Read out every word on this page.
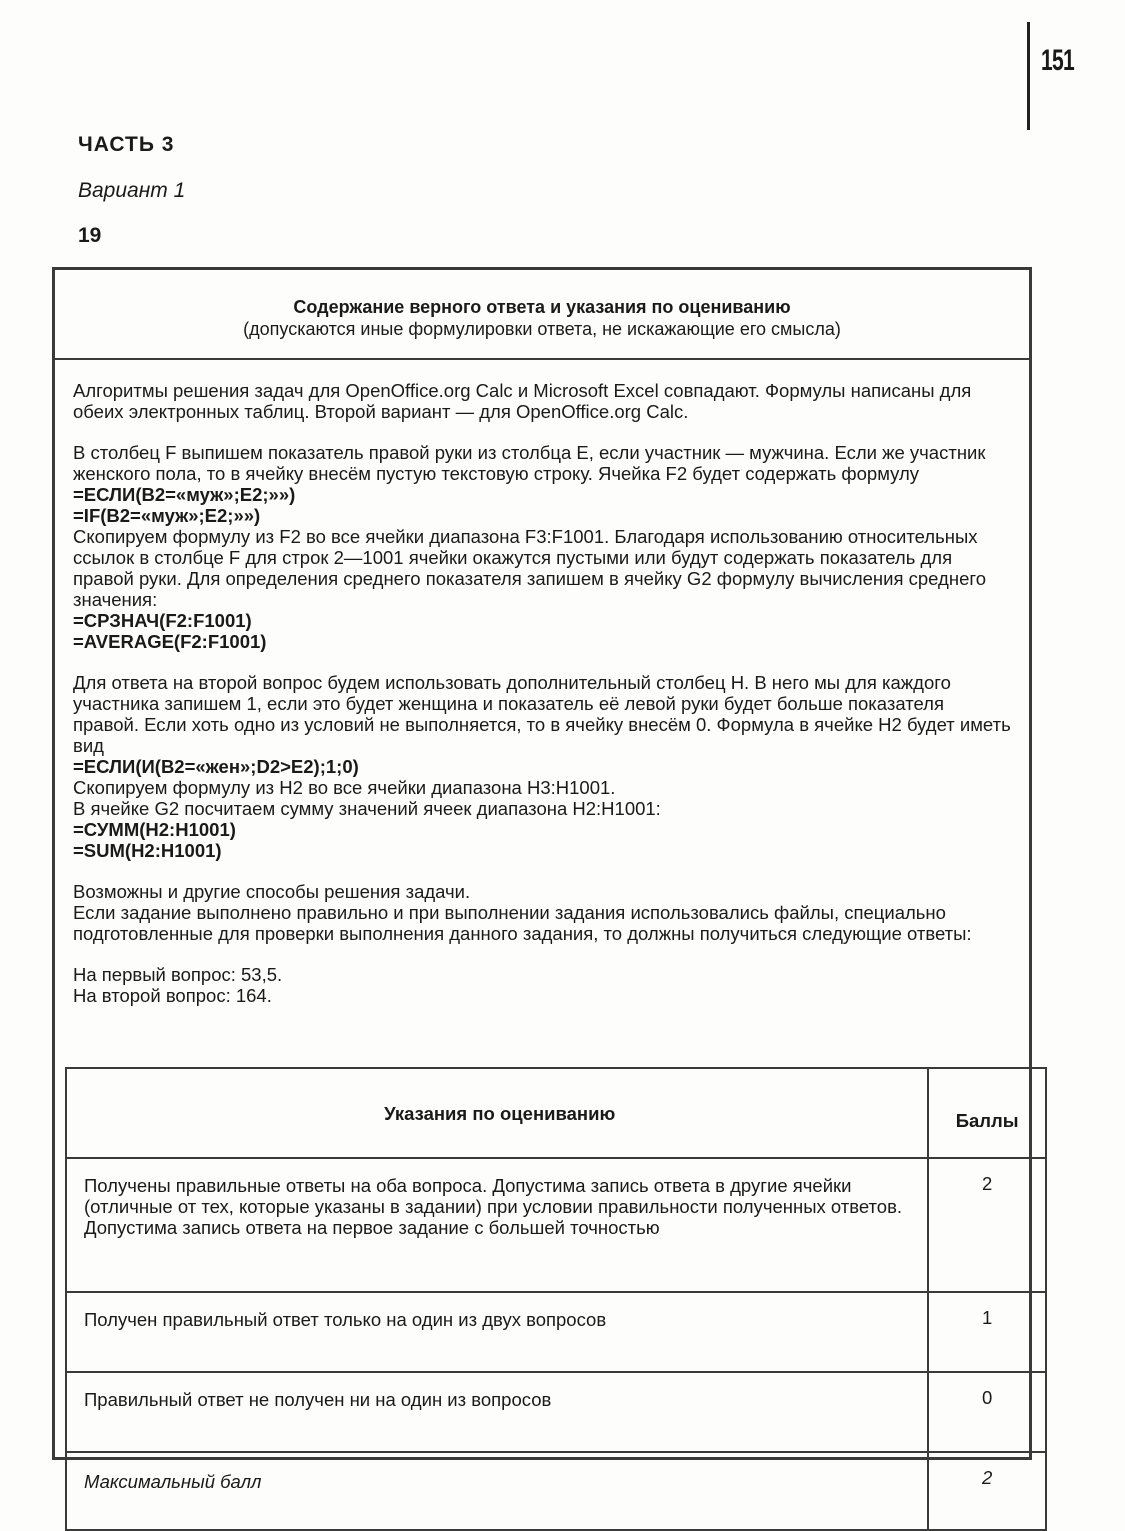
151
ЧАСТЬ 3
Вариант 1
19
Содержание верного ответа и указания по оцениванию
(допускаются иные формулировки ответа, не искажающие его смысла)

Алгоритмы решения задач для OpenOffice.org Calc и Microsoft Excel совпадают. Формулы написаны для обеих электронных таблиц. Второй вариант — для OpenOffice.org Calc.

В столбец F выпишем показатель правой руки из столбца E, если участник — мужчина. Если же участник женского пола, то в ячейку внесём пустую текстовую строку. Ячейка F2 будет содержать формулу

=ЕСЛИ(B2=«муж»;E2;»»)
=IF(B2=«муж»;E2;»»)

Скопируем формулу из F2 во все ячейки диапазона F3:F1001. Благодаря использованию относительных ссылок в столбце F для строк 2—1001 ячейки окажутся пустыми или будут содержать показатель для правой руки. Для определения среднего показателя запишем в ячейку G2 формулу вычисления среднего значения:

=СРЗНАЧ(F2:F1001)
=AVERAGE(F2:F1001)

Для ответа на второй вопрос будем использовать дополнительный столбец H. В него мы для каждого участника запишем 1, если это будет женщина и показатель её левой руки будет больше показателя правой. Если хоть одно из условий не выполняется, то в ячейку внесём 0. Формула в ячейке H2 будет иметь вид

=ЕСЛИ(И(B2=«жен»;D2>E2);1;0)
Скопируем формулу из H2 во все ячейки диапазона H3:H1001.
В ячейке G2 посчитаем сумму значений ячеек диапазона H2:H1001:
=СУММ(H2:H1001)
=SUM(H2:H1001)
Возможны и другие способы решения задачи.

Если задание выполнено правильно и при выполнении задания использовались файлы, специально подготовленные для проверки выполнения данного задания, то должны получиться следующие ответы:

На первый вопрос: 53,5.
На второй вопрос: 164.
Указания по оцениванию	Баллы

Получены правильные ответы на оба вопроса. Допустима запись ответа в другие ячейки (отличные от тех, которые указаны в задании) при условии правильности полученных ответов.
Допустима запись ответа на первое задание с большей точностью	2
Получен правильный ответ только на один из двух вопросов	1
Правильный ответ не получен ни на один из вопросов	0
Максимальный балл	2
